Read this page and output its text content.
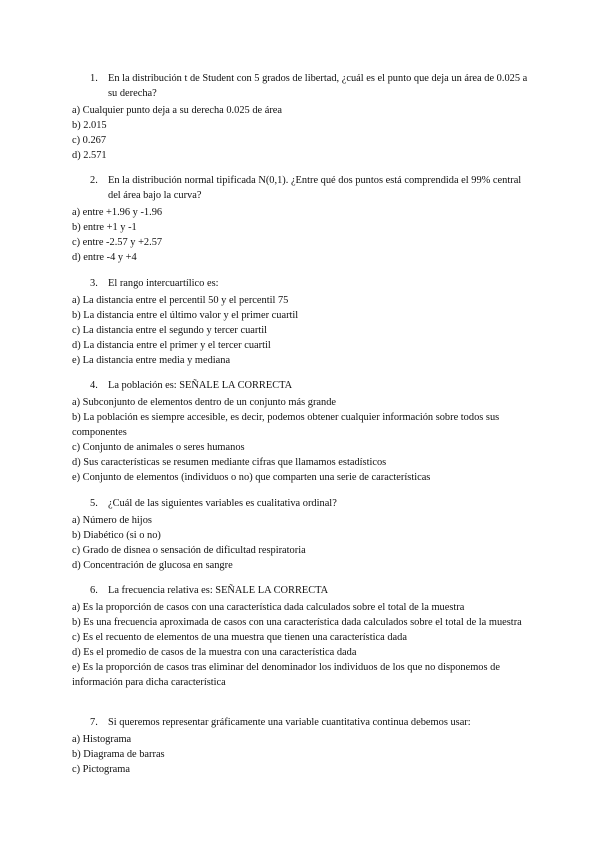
1. En la distribución t de Student con 5 grados de libertad, ¿cuál es el punto que deja un área de 0.025 a su derecha?
a) Cualquier punto deja a su derecha 0.025 de área
b) 2.015
c) 0.267
d) 2.571
2. En la distribución normal tipificada N(0,1). ¿Entre qué dos puntos está comprendida el 99% central del área bajo la curva?
a) entre +1.96 y -1.96
b) entre +1 y -1
c) entre -2.57 y +2.57
d) entre -4 y +4
3. El rango intercuartílico es:
a) La distancia entre el percentil 50 y el percentil 75
b) La distancia entre el último valor y el primer cuartil
c) La distancia entre el segundo y tercer cuartil
d) La distancia entre el primer y el tercer cuartil
e) La distancia entre media y mediana
4. La población es: SEÑALE LA CORRECTA
a) Subconjunto de elementos dentro de un conjunto más grande
b) La población es siempre accesible, es decir, podemos obtener cualquier información sobre todos sus componentes
c) Conjunto de animales o seres humanos
d) Sus características se resumen mediante cifras que llamamos estadísticos
e) Conjunto de elementos (individuos o no) que comparten una serie de características
5. ¿Cuál de las siguientes variables es cualitativa ordinal?
a) Número de hijos
b) Diabético (si o no)
c) Grado de disnea o sensación de dificultad respiratoria
d) Concentración de glucosa en sangre
6. La frecuencia relativa es: SEÑALE LA CORRECTA
a) Es la proporción de casos con una característica dada calculados sobre el total de la muestra
b) Es una frecuencia aproximada de casos con una característica dada calculados sobre el total de la muestra
c) Es el recuento de elementos de una muestra que tienen una característica dada
d) Es el promedio de casos de la muestra con una característica dada
e) Es la proporción de casos tras eliminar del denominador los individuos de los que no disponemos de información para dicha característica
7. Si queremos representar gráficamente una variable cuantitativa continua debemos usar:
a) Histograma
b) Diagrama de barras
c) Pictograma
